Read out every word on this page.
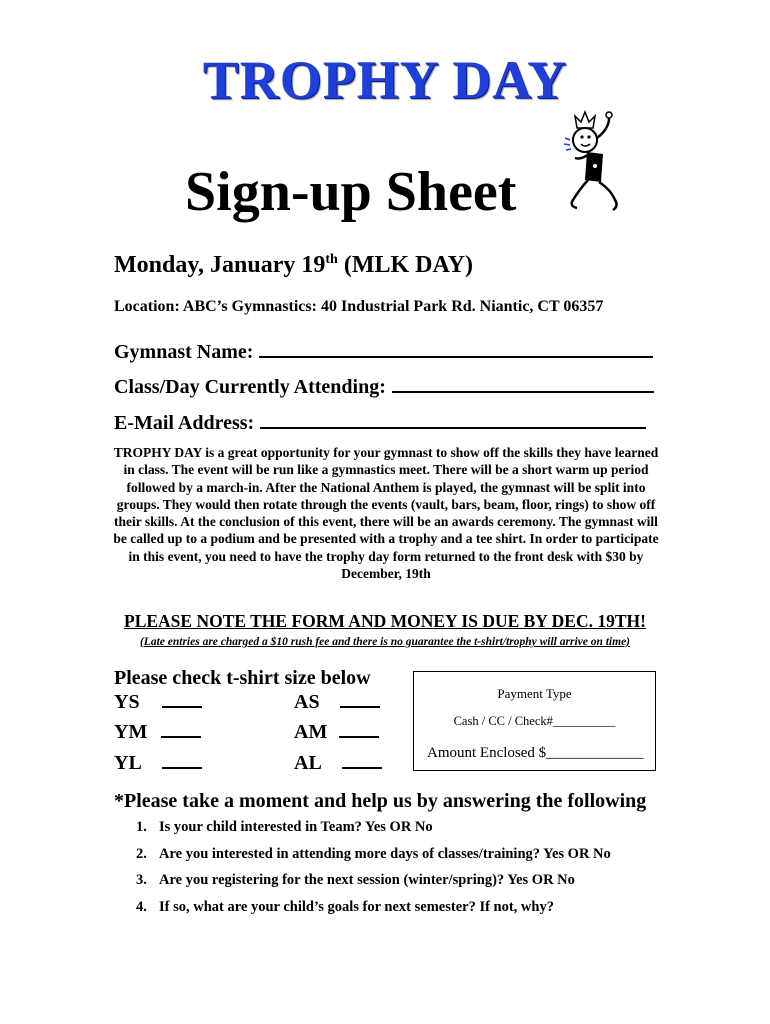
TROPHY DAY
Sign-up Sheet
Monday, January 19th (MLK DAY)
Location: ABC’s Gymnastics: 40 Industrial Park Rd. Niantic, CT 06357
Gymnast Name:
Class/Day Currently Attending:
E-Mail Address:
TROPHY DAY is a great opportunity for your gymnast to show off the skills they have learned in class. The event will be run like a gymnastics meet. There will be a short warm up period followed by a march-in. After the National Anthem is played, the gymnast will be split into groups. They would then rotate through the events (vault, bars, beam, floor, rings) to show off their skills. At the conclusion of this event, there will be an awards ceremony. The gymnast will be called up to a podium and be presented with a trophy and a tee shirt. In order to participate in this event, you need to have the trophy day form returned to the front desk with $30 by December, 19th
PLEASE NOTE THE FORM AND MONEY IS DUE BY DEC. 19TH!
(Late entries are charged a $10 rush fee and there is no guarantee the t-shirt/trophy will arrive on time)
Please check t-shirt size below
YS
YM
YL
AS
AM
AL
Payment Type
Cash / CC / Check#__________
Amount Enclosed $_____________
*Please take a moment and help us by answering the following
1. Is your child interested in Team? Yes OR No
2. Are you interested in attending more days of classes/training? Yes OR No
3. Are you registering for the next session (winter/spring)? Yes OR No
4. If so, what are your child’s goals for next semester? If not, why?
